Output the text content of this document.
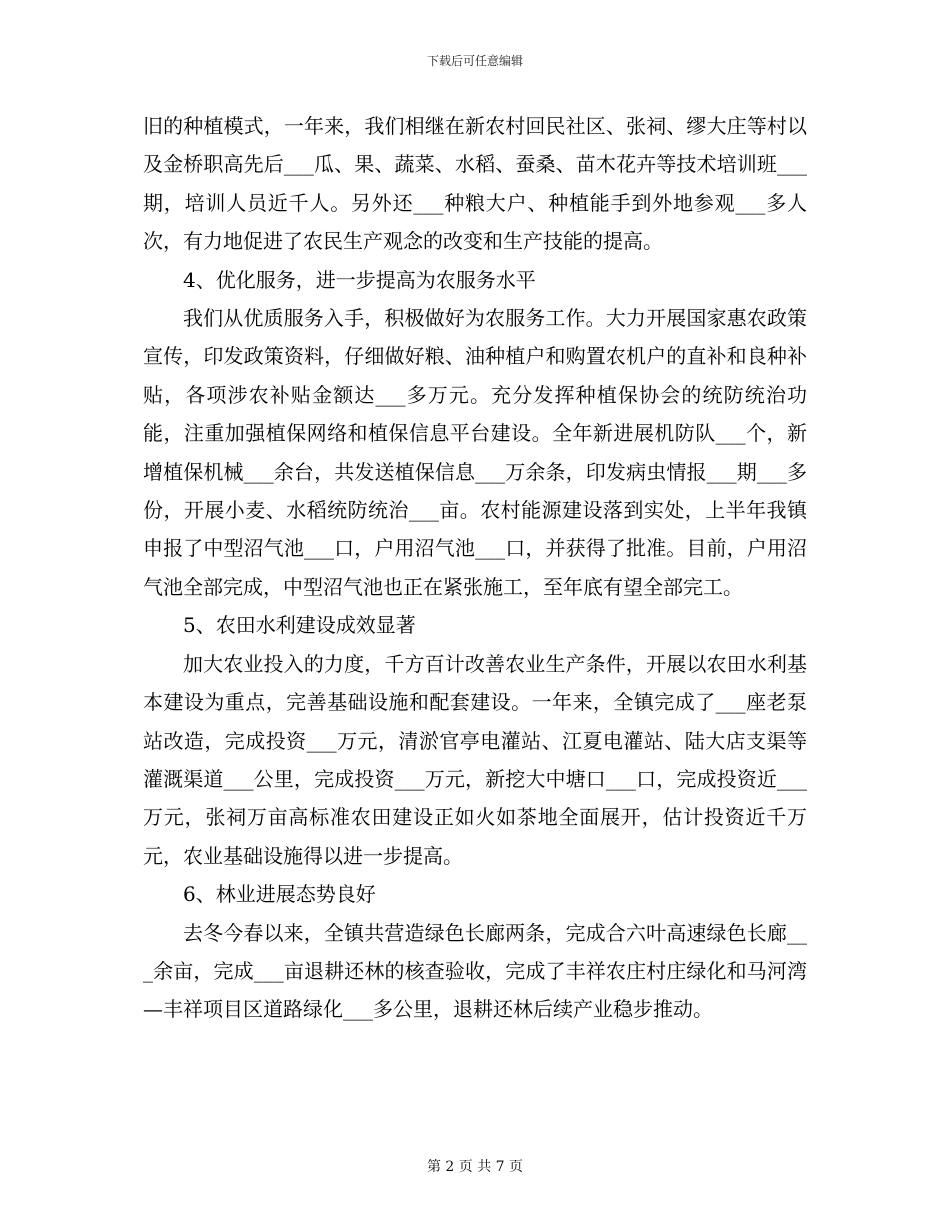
下载后可任意编辑

旧的种植模式，一年来，我们相继在新农村回民社区、张祠、缪大庄等村以及金桥职高先后___瓜、果、蔬菜、水稻、蚕桑、苗木花卉等技术培训班___期，培训人员近千人。另外还___种粮大户、种植能手到外地参观___多人次，有力地促进了农民生产观念的改变和生产技能的提高。

4、优化服务，进一步提高为农服务水平

我们从优质服务入手，积极做好为农服务工作。大力开展国家惠农政策宣传，印发政策资料，仔细做好粮、油种植户和购置农机户的直补和良种补贴，各项涉农补贴金额达___多万元。充分发挥种植保协会的统防统治功能，注重加强植保网络和植保信息平台建设。全年新进展机防队___个，新增植保机械___余台，共发送植保信息___万余条，印发病虫情报___期___多份，开展小麦、水稻统防统治___亩。农村能源建设落到实处，上半年我镇申报了中型沼气池___口，户用沼气池___口，并获得了批准。目前，户用沼气池全部完成，中型沼气池也正在紧张施工，至年底有望全部完工。

5、农田水利建设成效显著

加大农业投入的力度，千方百计改善农业生产条件，开展以农田水利基本建设为重点，完善基础设施和配套建设。一年来，全镇完成了___座老泵站改造，完成投资___万元，清淤官亭电灌站、江夏电灌站、陆大店支渠等灌溉渠道___公里，完成投资___万元，新挖大中塘口___口，完成投资近___万元，张祠万亩高标准农田建设正如火如茶地全面展开，估计投资近千万元，农业基础设施得以进一步提高。

6、林业进展态势良好

去冬今春以来，全镇共营造绿色长廊两条，完成合六叶高速绿色长廊___余亩，完成___亩退耕还林的核查验收，完成了丰祥农庄村庄绿化和马河湾—丰祥项目区道路绿化___多公里，退耕还林后续产业稳步推动。

第 2 页 共 7 页
